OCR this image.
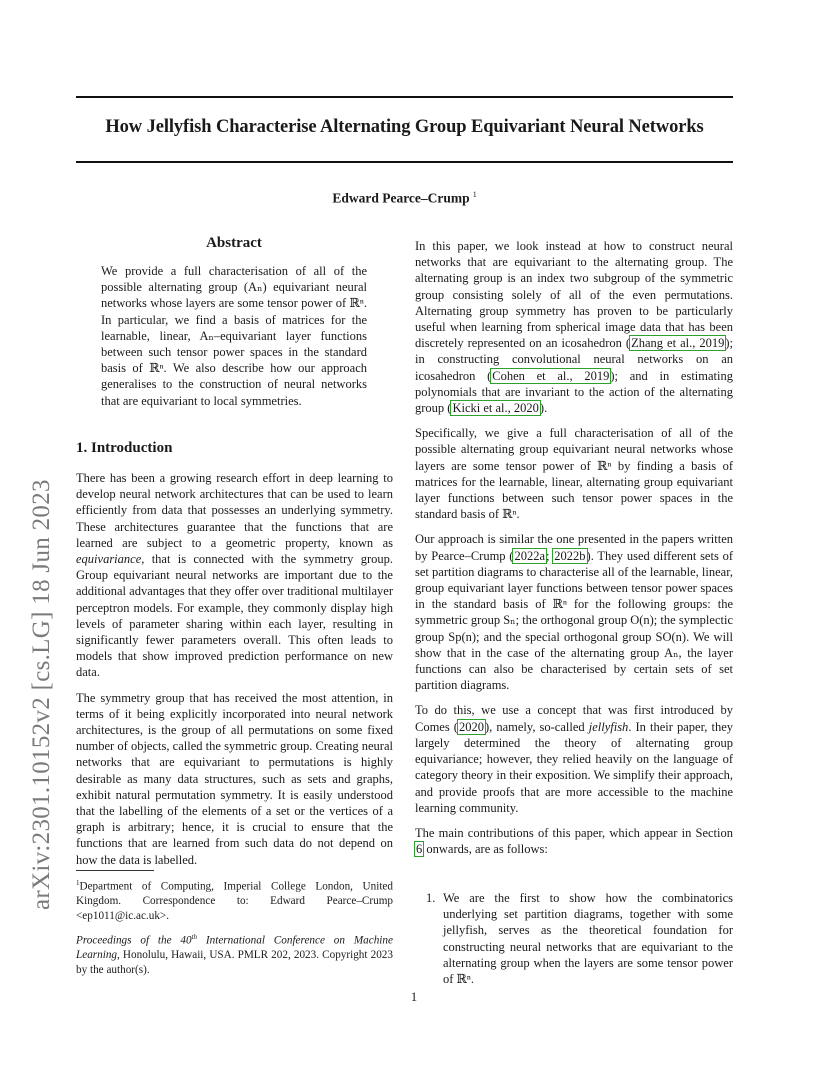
arXiv:2301.10152v2 [cs.LG] 18 Jun 2023
How Jellyfish Characterise Alternating Group Equivariant Neural Networks
Edward Pearce–Crump $^1$
Abstract
We provide a full characterisation of all of the possible alternating group (Aₙ) equivariant neural networks whose layers are some tensor power of ℝⁿ. In particular, we find a basis of matrices for the learnable, linear, Aₙ–equivariant layer functions between such tensor power spaces in the standard basis of ℝⁿ. We also describe how our approach generalises to the construction of neural networks that are equivariant to local symmetries.
1. Introduction

There has been a growing research effort in deep learning to develop neural network architectures that can be used to learn efficiently from data that possesses an underlying symmetry. These architectures guarantee that the functions that are learned are subject to a geometric property, known as equivariance, that is connected with the symmetry group. Group equivariant neural networks are important due to the additional advantages that they offer over traditional multilayer perceptron models. For example, they commonly display high levels of parameter sharing within each layer, resulting in significantly fewer parameters overall. This often leads to models that show improved prediction performance on new data.

The symmetry group that has received the most attention, in terms of it being explicitly incorporated into neural network architectures, is the group of all permutations on some fixed number of objects, called the symmetric group. Creating neural networks that are equivariant to permutations is highly desirable as many data structures, such as sets and graphs, exhibit natural permutation symmetry. It is easily understood that the labelling of the elements of a set or the vertices of a graph is arbitrary; hence, it is crucial to ensure that the functions that are learned from such data do not depend on how the data is labelled.

$^1$Department of Computing, Imperial College London, United Kingdom. Correspondence to: Edward Pearce–Crump <ep1011@ic.ac.uk>.

Proceedings of the 40th International Conference on Machine Learning, Honolulu, Hawaii, USA. PMLR 202, 2023. Copyright 2023 by the author(s).

In this paper, we look instead at how to construct neural networks that are equivariant to the alternating group. The alternating group is an index two subgroup of the symmetric group consisting solely of all of the even permutations. Alternating group symmetry has proven to be particularly useful when learning from spherical image data that has been discretely represented on an icosahedron (Zhang et al., 2019); in constructing convolutional neural networks on an icosahedron (Cohen et al., 2019); and in estimating polynomials that are invariant to the action of the alternating group (Kicki et al., 2020).

Specifically, we give a full characterisation of all of the possible alternating group equivariant neural networks whose layers are some tensor power of ℝⁿ by finding a basis of matrices for the learnable, linear, alternating group equivariant layer functions between such tensor power spaces in the standard basis of ℝⁿ.

Our approach is similar the one presented in the papers written by Pearce–Crump (2022a; 2022b). They used different sets of set partition diagrams to characterise all of the learnable, linear, group equivariant layer functions between tensor power spaces in the standard basis of ℝⁿ for the following groups: the symmetric group Sₙ; the orthogonal group O(n); the symplectic group Sp(n); and the special orthogonal group SO(n). We will show that in the case of the alternating group Aₙ, the layer functions can also be characterised by certain sets of set partition diagrams.

To do this, we use a concept that was first introduced by Comes (2020), namely, so-called jellyfish. In their paper, they largely determined the theory of alternating group equivariance; however, they relied heavily on the language of category theory in their exposition. We simplify their approach, and provide proofs that are more accessible to the machine learning community.

The main contributions of this paper, which appear in Section 6 onwards, are as follows:

1. We are the first to show how the combinatorics underlying set partition diagrams, together with some jellyfish, serves as the theoretical foundation for constructing neural networks that are equivariant to the alternating group when the layers are some tensor power of ℝⁿ.
1
